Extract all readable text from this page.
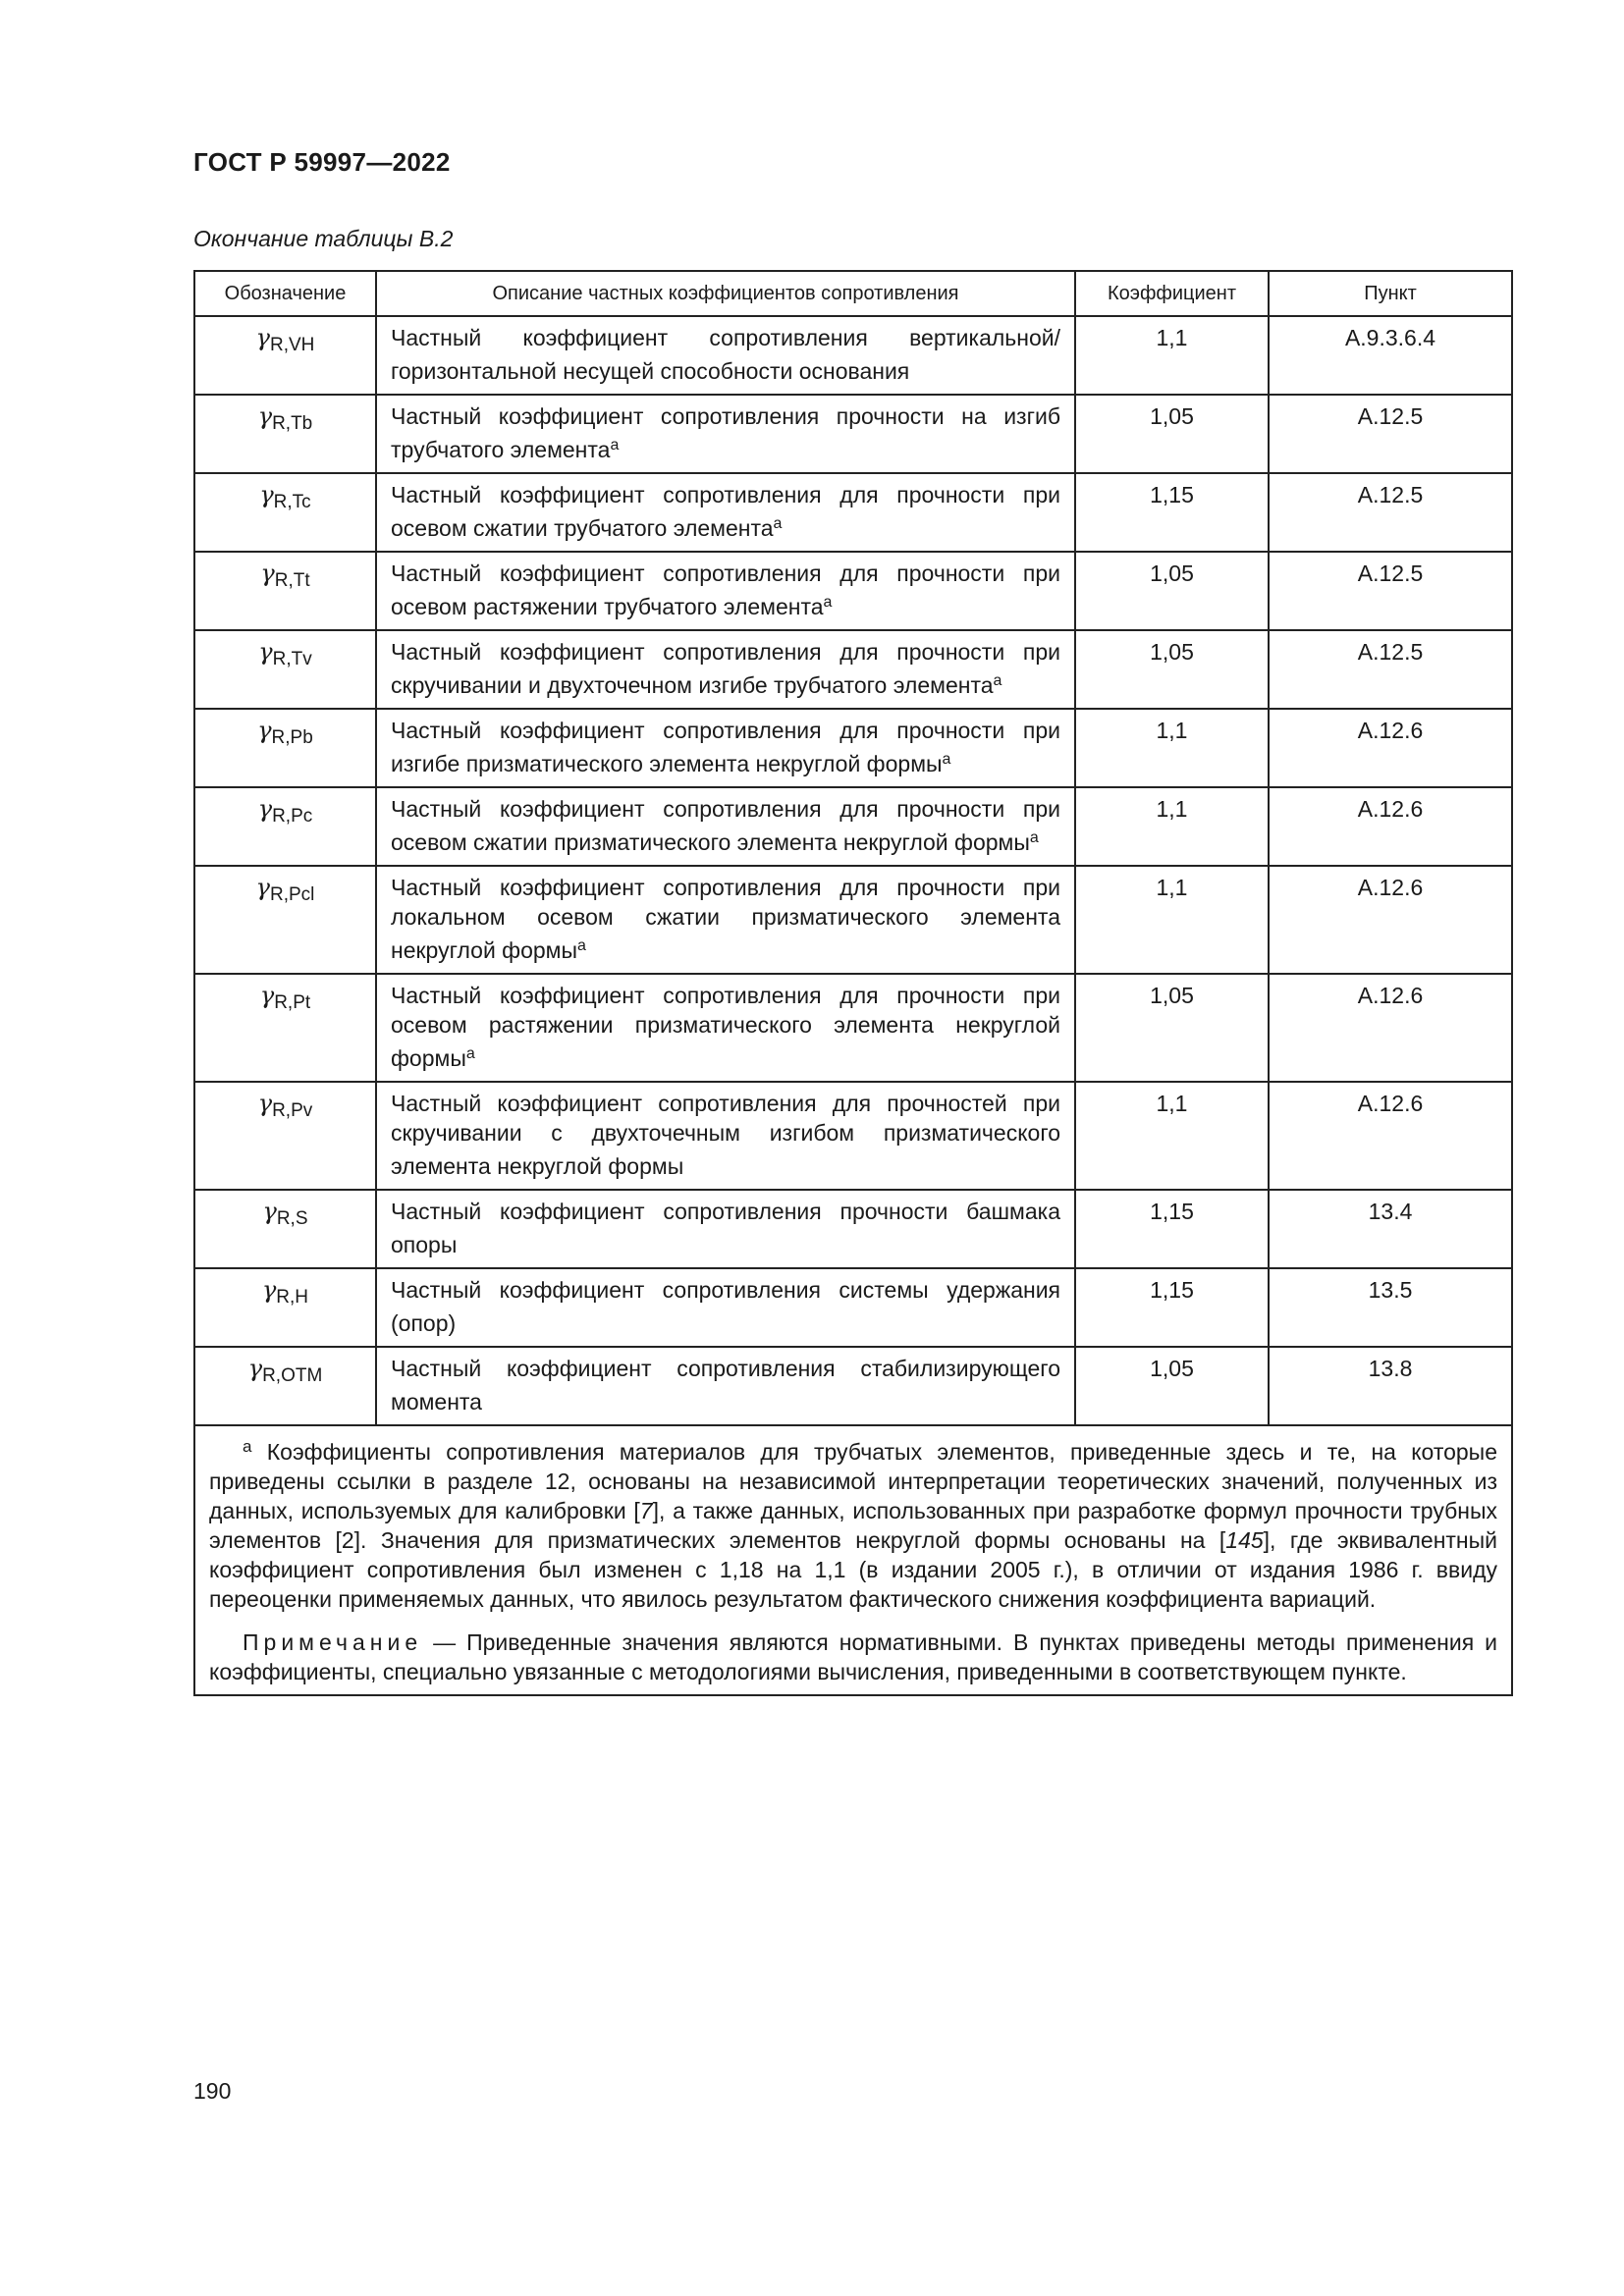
ГОСТ Р 59997—2022
Окончание таблицы В.2
Обозначение	Описание частных коэффициентов сопротивления	Коэффициент	Пункт
$\gamma_{R,VH}$	Частный коэффициент сопротивления вертикальной/горизонтальной несущей способности основания	1,1	А.9.3.6.4
$\gamma_{R,Tb}$	Частный коэффициент сопротивления прочности на изгиб трубчатого элемента$^а$	1,05	А.12.5
$\gamma_{R,Tc}$	Частный коэффициент сопротивления для прочности при осевом сжатии трубчатого элемента$^а$	1,15	А.12.5
$\gamma_{R,Tt}$	Частный коэффициент сопротивления для прочности при осевом растяжении трубчатого элемента$^а$	1,05	А.12.5
$\gamma_{R,Tv}$	Частный коэффициент сопротивления для прочности при скручивании и двухточечном изгибе трубчатого элемента$^а$	1,05	А.12.5
$\gamma_{R,Pb}$	Частный коэффициент сопротивления для прочности при изгибе призматического элемента некруглой формы$^а$	1,1	А.12.6
$\gamma_{R,Pc}$	Частный коэффициент сопротивления для прочности при осевом сжатии призматического элемента некруглой формы$^а$	1,1	А.12.6
$\gamma_{R,Pcl}$	Частный коэффициент сопротивления для прочности при локальном осевом сжатии призматического элемента некруглой формы$^а$	1,1	А.12.6
$\gamma_{R,Pt}$	Частный коэффициент сопротивления для прочности при осевом растяжении призматического элемента некруглой формы$^а$	1,05	А.12.6
$\gamma_{R,Pv}$	Частный коэффициент сопротивления для прочностей при скручивании с двухточечным изгибом призматического элемента некруглой формы	1,1	А.12.6
$\gamma_{R,S}$	Частный коэффициент сопротивления прочности башмака опоры	1,15	13.4
$\gamma_{R,H}$	Частный коэффициент сопротивления системы удержания (опор)	1,15	13.5
$\gamma_{R,OTM}$	Частный коэффициент сопротивления стабилизирующего момента	1,05	13.8

$^а$ Коэффициенты сопротивления материалов для трубчатых элементов, приведенные здесь и те, на которые приведены ссылки в разделе 12, основаны на независимой интерпретации теоретических значений, полученных из данных, используемых для калибровки [7], а также данных, использованных при разработке формул прочности трубных элементов [2]. Значения для призматических элементов некруглой формы основаны на [145], где эквивалентный коэффициент сопротивления был изменен с 1,18 на 1,1 (в издании 2005 г.), в отличии от издания 1986 г. ввиду переоценки применяемых данных, что явилось результатом фактического снижения коэффициента вариаций.

Примечание — Приведенные значения являются нормативными. В пунктах приведены методы применения и коэффициенты, специально увязанные с методологиями вычисления, приведенными в соответствующем пункте.			

190
